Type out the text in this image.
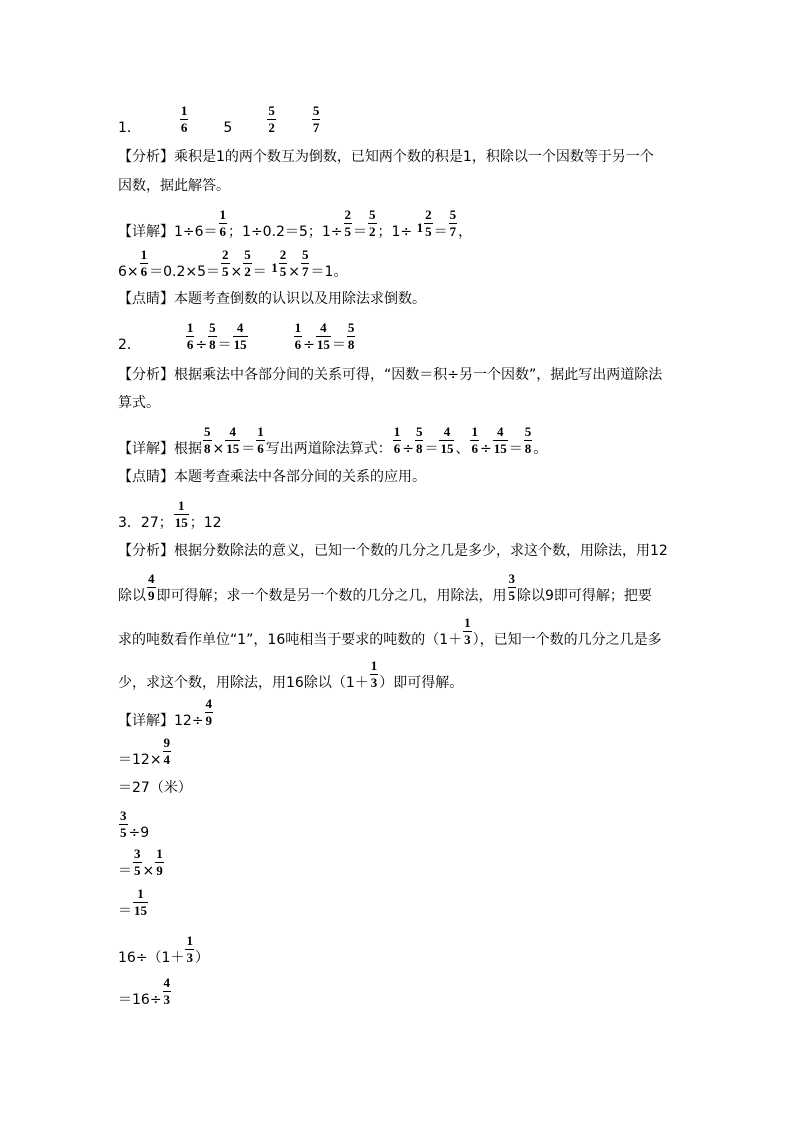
1．	$\frac{1}{6}$	5	$\frac{5}{2}$	$\frac{5}{7}$
【分析】乘积是1的两个数互为倒数，已知两个数的积是1，积除以一个因数等于另一个
因数，据此解答。
【详解】$1\div 6= \frac{1}{6}$ ；1÷0.2＝5；$1\div \frac{2}{5} = \frac{5}{2}$ ；$1\div 1 \frac{2}{5} = \frac{5}{7}$ ，
$6\times \frac{1}{6} =0.2\times 5= \frac{2}{5} \times \frac{5}{2} = 1 \frac{2}{5} \times \frac{5}{7} =1$。
【点睛】本题考查倒数的认识以及用除法求倒数。
2．	$\frac{1}{6} \div \frac{5}{8} = \frac{4}{15}$	$\frac{1}{6} \div \frac{4}{15} = \frac{5}{8}$
【分析】根据乘法中各部分间的关系可得，“因数＝积÷另一个因数”，据此写出两道除法
算式。
【详解】根据 $\frac{5}{8} \times \frac{4}{15} = \frac{1}{6}$ 写出两道除法算式： $\frac{1}{6} \div \frac{5}{8} = \frac{4}{15}$ 、 $\frac{1}{6} \div \frac{4}{15} = \frac{5}{8}$ 。
【点睛】本题考查乘法中各部分间的关系的应用。
3．27； $\frac{1}{15}$ ；12
【分析】根据分数除法的意义，已知一个数的几分之几是多少，求这个数，用除法，用12
除以 $\frac{4}{9}$ 即可得解；求一个数是另一个数的几分之几，用除法，用 $\frac{3}{5}$ 除以9即可得解；把要
求的吨数看作单位“1”，16吨相当于要求的吨数的（$1+ \frac{1}{3}$ ），已知一个数的几分之几是多
少，求这个数，用除法，用16除以（$1+ \frac{1}{3}$ ）即可得解。
【详解】$12\div \frac{4}{9}$
$=12\times \frac{9}{4}$
＝27（米）
$\frac{3}{5} \div 9$
＝ $\frac{3}{5} \times \frac{1}{9}$
＝ $\frac{1}{15}$
$16\div(1+ \frac{1}{3}$ ）
$=16\div \frac{4}{3}$
